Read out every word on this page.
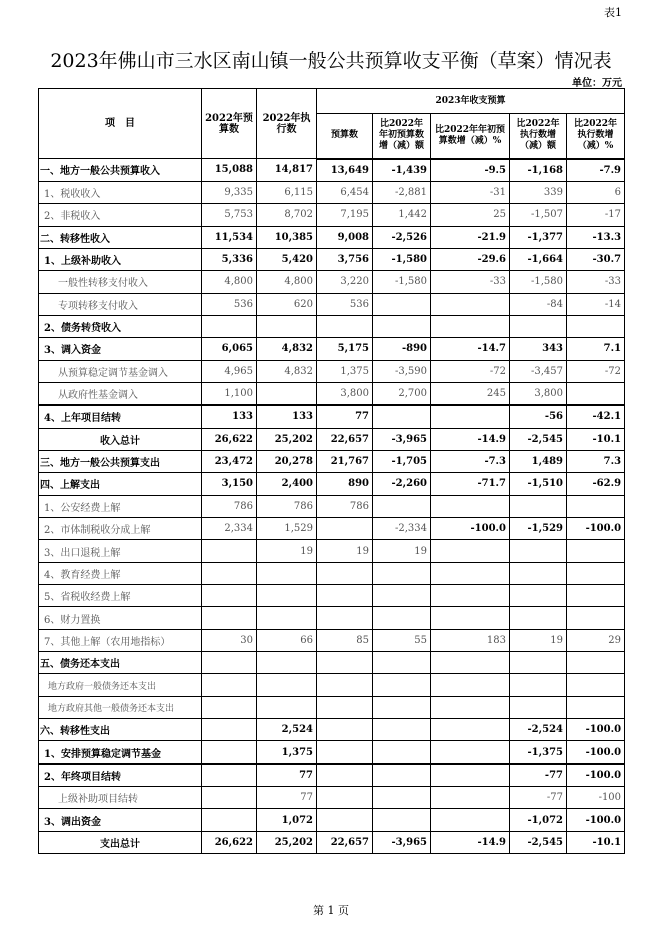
表1
2023年佛山市三水区南山镇一般公共预算收支平衡（草案）情况表
单位：万元
项　目	2022年预算数	2022年执行数	2023年收支预算				
			预算数	比2022年年初预算数增（减）额	比2022年年初预算数增（减）%	比2022年执行数增（减）额	比2022年执行数增（减）%
一、地方一般公共预算收入	15,088	14,817	13,649	-1,439	-9.5	-1,168	-7.9
1、税收收入	9,335	6,115	6,454	-2,881	-31	339	6
2、非税收入	5,753	8,702	7,195	1,442	25	-1,507	-17
二、转移性收入	11,534	10,385	9,008	-2,526	-21.9	-1,377	-13.3
1、上级补助收入	5,336	5,420	3,756	-1,580	-29.6	-1,664	-30.7
一般性转移支付收入	4,800	4,800	3,220	-1,580	-33	-1,580	-33
专项转移支付收入	536	620	536			-84	-14
2、债务转贷收入							
3、调入资金	6,065	4,832	5,175	-890	-14.7	343	7.1
从预算稳定调节基金调入	4,965	4,832	1,375	-3,590	-72	-3,457	-72
从政府性基金调入	1,100		3,800	2,700	245	3,800	
4、上年项目结转	133	133	77			-56	-42.1
收入总计	26,622	25,202	22,657	-3,965	-14.9	-2,545	-10.1
三、地方一般公共预算支出	23,472	20,278	21,767	-1,705	-7.3	1,489	7.3
四、上解支出	3,150	2,400	890	-2,260	-71.7	-1,510	-62.9
1、公安经费上解	786	786	786				
2、市体制税收分成上解	2,334	1,529		-2,334	-100.0	-1,529	-100.0
3、出口退税上解		19	19	19			
4、教育经费上解							
5、省税收经费上解							
6、财力置换							
7、其他上解（农用地指标）	30	66	85	55	183	19	29
五、债务还本支出							
地方政府一般债务还本支出							
地方政府其他一般债务还本支出							
六、转移性支出		2,524				-2,524	-100.0
1、安排预算稳定调节基金		1,375				-1,375	-100.0
2、年终项目结转		77				-77	-100.0
上级补助项目结转		77				-77	-100
3、调出资金		1,072				-1,072	-100.0
支出总计	26,622	25,202	22,657	-3,965	-14.9	-2,545	-10.1
第 1 页
